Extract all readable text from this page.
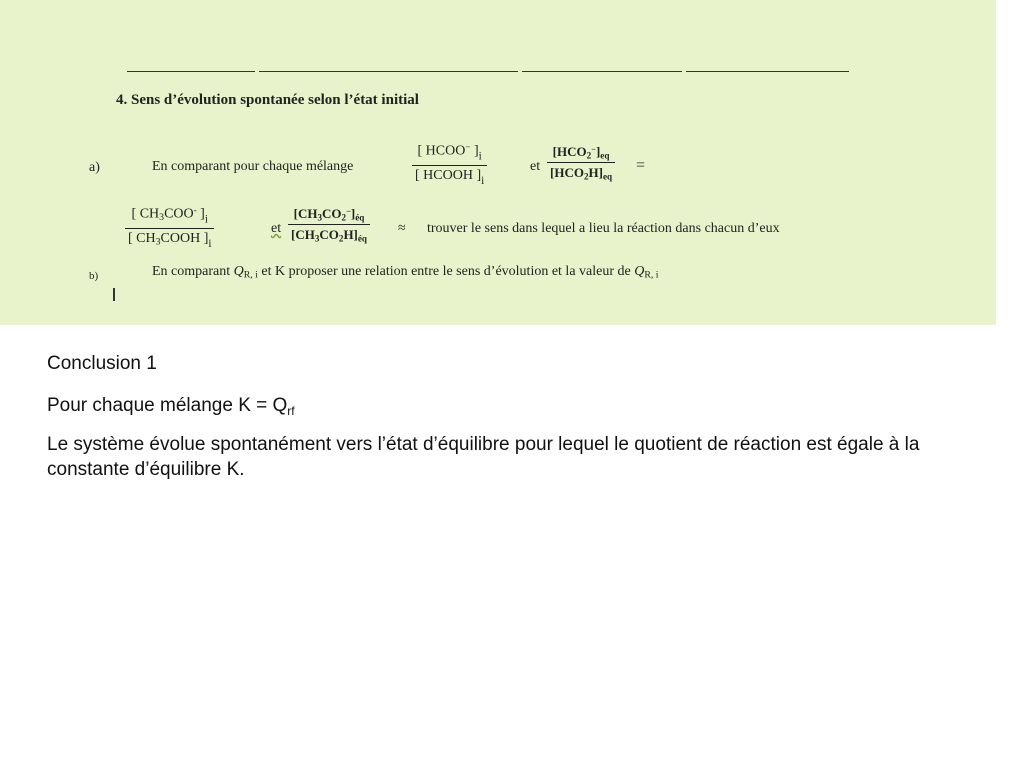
4. Sens d’évolution spontanée selon l’état initial
a)	En comparant pour chaque mélange
[ HCOO− ]$_i$
[ HCOOH ]$_i$
et
$[HCO_2^-]_{eq}$
$[HCO_2H]_{eq}$
=
[ $CH_3COO^-$ ]$_i$
[ $CH_3COOH$ ]$_i$
et
$[CH_3CO_2^-]_{éq}$
$[CH_3CO_2H]_{éq}$
≈ trouver le sens dans lequel a lieu la réaction dans chacun d’eux
b)	En comparant $Q_{R, i}$ et K proposer une relation entre le sens d’évolution et la valeur de $Q_{R, i}$
Conclusion 1
Pour chaque mélange $K = Q_{rf}$
Le système évolue spontanément vers l’état d’équilibre pour lequel le quotient de réaction est égale à la constante d’équilibre K.
